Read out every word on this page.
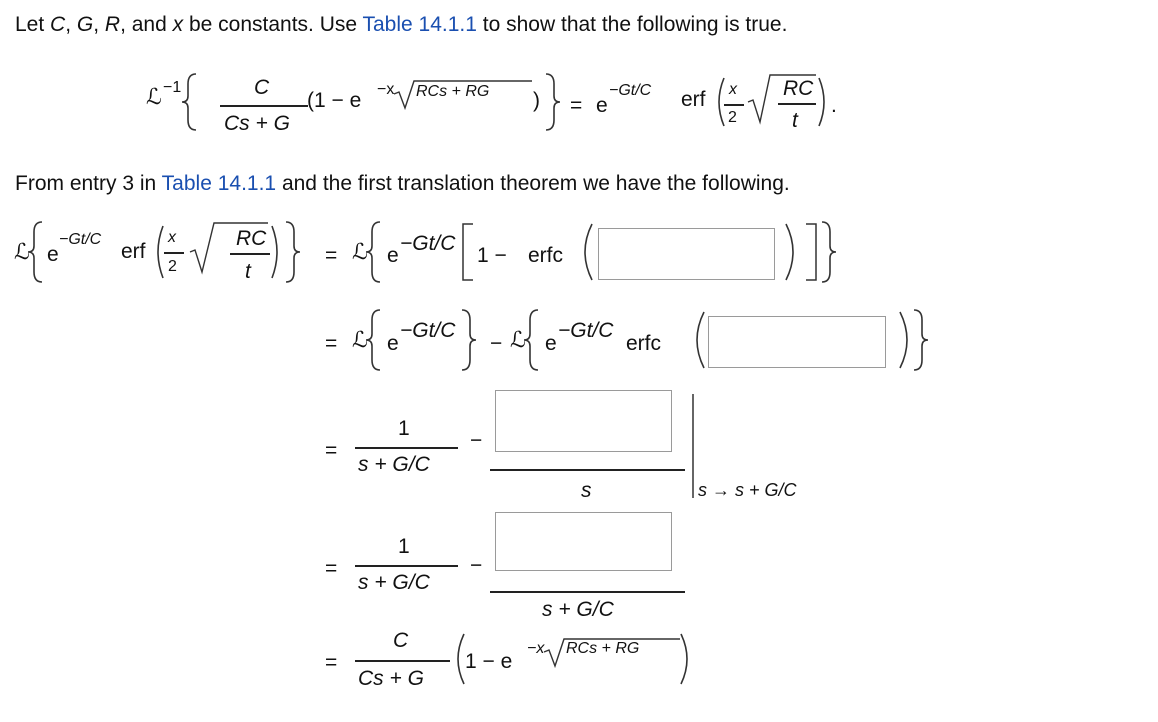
Let C, G, R, and x be constants. Use Table 14.1.1 to show that the following is true.
ℒ −1	C
Cs + G
(1 − e −x RCs + RG ) = e
−Gt/C erf x
2
RC
t
.
From entry 3 in Table 14.1.1 and the first translation theorem we have the following.
ℒ e
−Gt/C
erf
x
2
RC
t
= ℒ e
−Gt/C
1 − erfc
= ℒ e
−Gt/C
− ℒ e
−Gt/C
erfc
=
1
s + G/C
−
s	s → s + G/C
=
1
s + G/C
−
s + G/C
=
C
Cs + G
1 − e
−x RCs + RG
